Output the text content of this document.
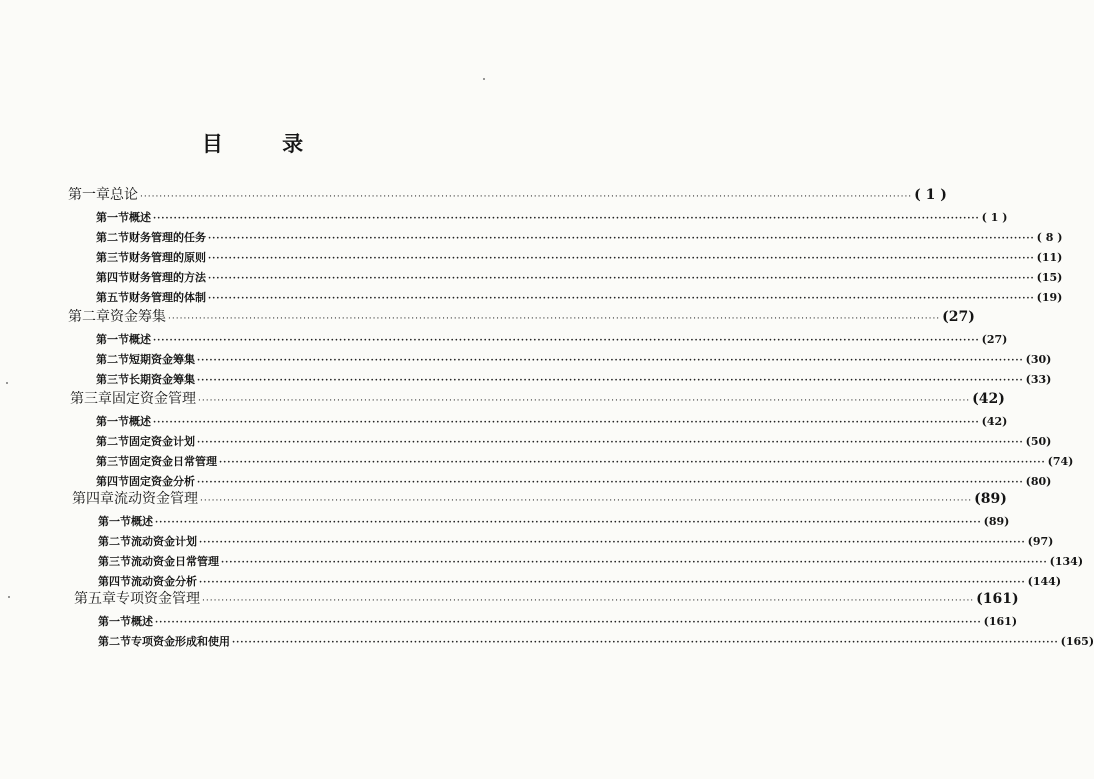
目 录
第一章 总论 ········································································································································································································ ( 1 )
第一节 概述 ········································································································································································································ ( 1 )
第二节 财务管理的任务 ········································································································································································································ ( 8 )
第三节 财务管理的原则 ········································································································································································································ (11)
第四节 财务管理的方法 ········································································································································································································ (15)
第五节 财务管理的体制 ········································································································································································································ (19)
第二章 资金筹集 ········································································································································································································ (27)
第一节 概述 ········································································································································································································ (27)
第二节 短期资金筹集 ········································································································································································································ (30)
第三节 长期资金筹集 ········································································································································································································ (33)
第三章 固定资金管理 ········································································································································································································ (42)
第一节 概述 ········································································································································································································ (42)
第二节 固定资金计划 ········································································································································································································ (50)
第三节 固定资金日常管理 ········································································································································································································ (74)
第四节 固定资金分析 ········································································································································································································ (80)
第四章 流动资金管理 ········································································································································································································ (89)
第一节 概述 ········································································································································································································ (89)
第二节 流动资金计划 ········································································································································································································ (97)
第三节 流动资金日常管理 ········································································································································································································ (134)
第四节 流动资金分析 ········································································································································································································ (144)
第五章 专项资金管理 ········································································································································································································ (161)
第一节 概述 ········································································································································································································ (161)
第二节 专项资金形成和使用 ········································································································································································································ (165)
